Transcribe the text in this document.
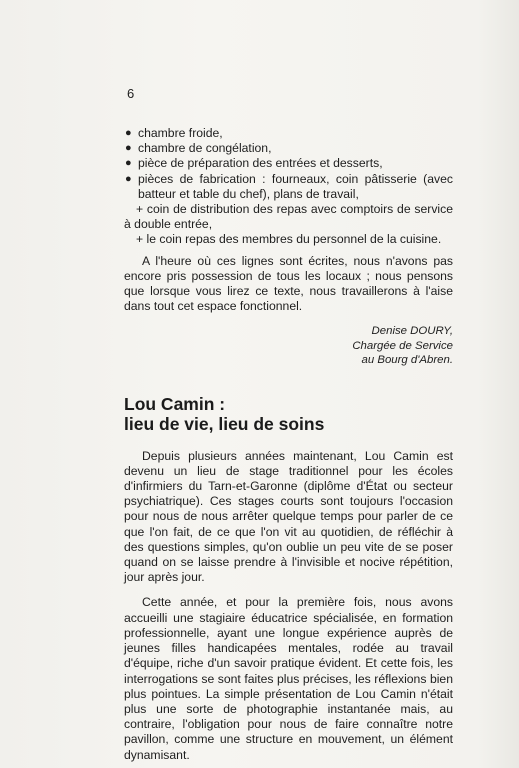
6
● chambre froide,
● chambre de congélation,
● pièce de préparation des entrées et desserts,
● pièces de fabrication : fourneaux, coin pâtisserie (avec batteur et table du chef), plans de travail,

+ coin de distribution des repas avec comptoirs de service à double entrée,

+ le coin repas des membres du personnel de la cuisine.

A l'heure où ces lignes sont écrites, nous n'avons pas encore pris possession de tous les locaux ; nous pensons que lorsque vous lirez ce texte, nous travaillerons à l'aise dans tout cet espace fonctionnel.

Denise DOURY,
Chargée de Service
au Bourg d'Abren.
Lou Camin :
lieu de vie, lieu de soins

Depuis plusieurs années maintenant, Lou Camin est devenu un lieu de stage traditionnel pour les écoles d'infirmiers du Tarn-et-Garonne (diplôme d'État ou secteur psychiatrique). Ces stages courts sont toujours l'occasion pour nous de nous arrêter quelque temps pour parler de ce que l'on fait, de ce que l'on vit au quotidien, de réfléchir à des questions simples, qu'on oublie un peu vite de se poser quand on se laisse prendre à l'invisible et nocive répétition, jour après jour.

Cette année, et pour la première fois, nous avons accueilli une stagiaire éducatrice spécialisée, en formation professionnelle, ayant une longue expérience auprès de jeunes filles handicapées mentales, rodée au travail d'équipe, riche d'un savoir pratique évident. Et cette fois, les interrogations se sont faites plus précises, les réflexions bien plus pointues. La simple présentation de Lou Camin n'était plus une sorte de photographie instantanée mais, au contraire, l'obligation pour nous de faire connaître notre pavillon, comme une structure en mouvement, un élément dynamisant.
